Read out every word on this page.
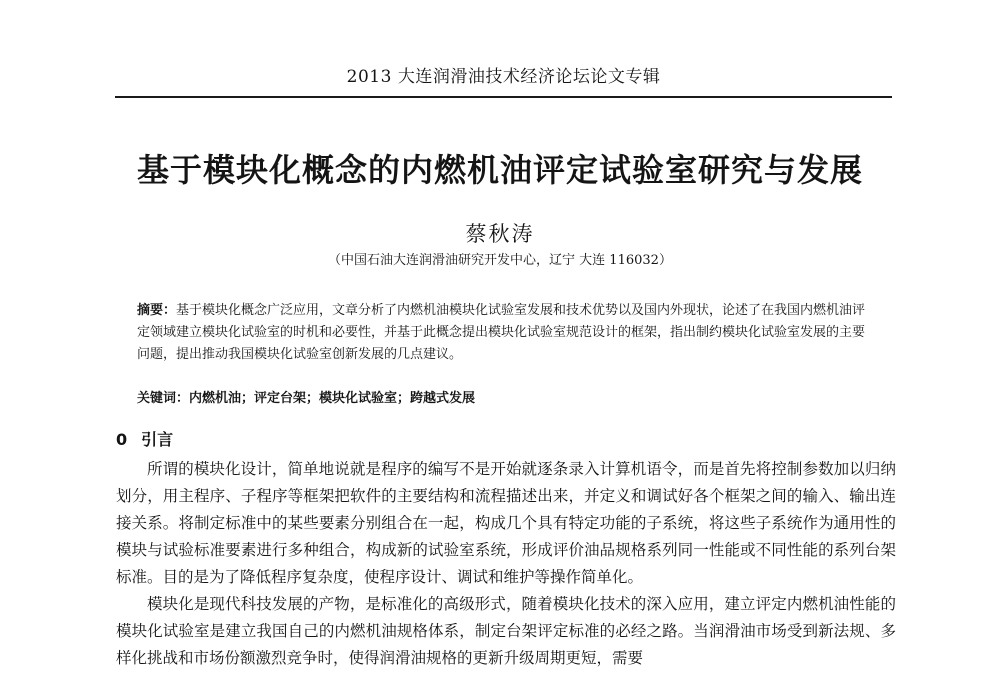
2013 大连润滑油技术经济论坛论文专辑
基于模块化概念的内燃机油评定试验室研究与发展
蔡秋涛
（中国石油大连润滑油研究开发中心，辽宁 大连 116032）
摘要：基于模块化概念广泛应用，文章分析了内燃机油模块化试验室发展和技术优势以及国内外现状，论述了在我国内燃机油评定领域建立模块化试验室的时机和必要性，并基于此概念提出模块化试验室规范设计的框架，指出制约模块化试验室发展的主要问题，提出推动我国模块化试验室创新发展的几点建议。
关键词：内燃机油；评定台架；模块化试验室；跨越式发展
0 引言

所谓的模块化设计，简单地说就是程序的编写不是开始就逐条录入计算机语令，而是首先将控制参数加以归纳划分，用主程序、子程序等框架把软件的主要结构和流程描述出来，并定义和调试好各个框架之间的输入、输出连接关系。将制定标准中的某些要素分别组合在一起，构成几个具有特定功能的子系统，将这些子系统作为通用性的模块与试验标准要素进行多种组合，构成新的试验室系统，形成评价油品规格系列同一性能或不同性能的系列台架标准。目的是为了降低程序复杂度，使程序设计、调试和维护等操作简单化。

模块化是现代科技发展的产物，是标准化的高级形式，随着模块化技术的深入应用，建立评定内燃机油性能的模块化试验室是建立我国自己的内燃机油规格体系，制定台架评定标准的必经之路。当润滑油市场受到新法规、多样化挑战和市场份额激烈竞争时，使得润滑油规格的更新升级周期更短，需要
